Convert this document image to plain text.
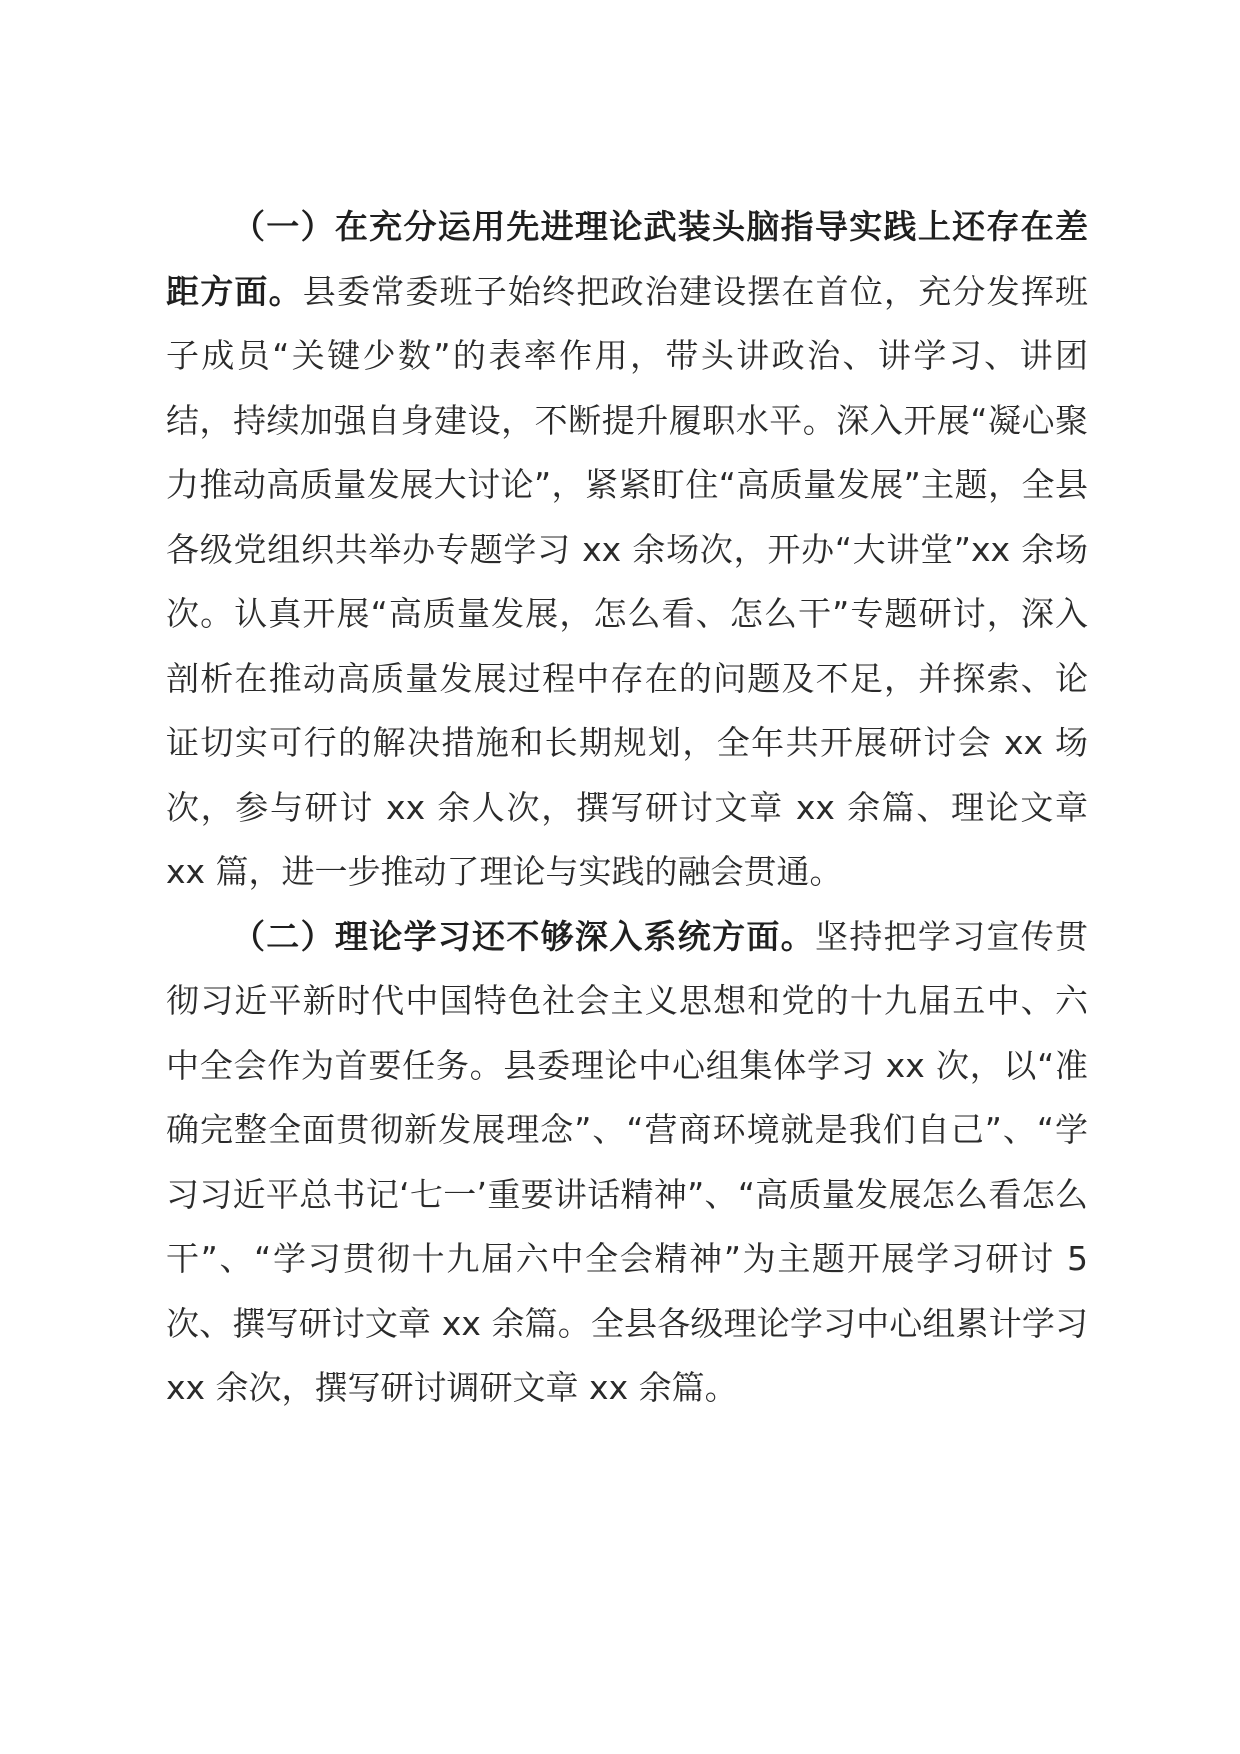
（一）在充分运用先进理论武装头脑指导实践上还存在差距方面。县委常委班子始终把政治建设摆在首位，充分发挥班子成员“关键少数”的表率作用，带头讲政治、讲学习、讲团结，持续加强自身建设，不断提升履职水平。深入开展“凝心聚力推动高质量发展大讨论”，紧紧盯住“高质量发展”主题，全县各级党组织共举办专题学习 xx 余场次，开办“大讲堂”xx 余场次。认真开展“高质量发展，怎么看、怎么干”专题研讨，深入剖析在推动高质量发展过程中存在的问题及不足，并探索、论证切实可行的解决措施和长期规划，全年共开展研讨会 xx 场次，参与研讨 xx 余人次，撰写研讨文章 xx 余篇、理论文章 xx 篇，进一步推动了理论与实践的融会贯通。

（二）理论学习还不够深入系统方面。坚持把学习宣传贯彻习近平新时代中国特色社会主义思想和党的十九届五中、六中全会作为首要任务。县委理论中心组集体学习 xx 次，以“准确完整全面贯彻新发展理念”、“营商环境就是我们自己”、“学习习近平总书记‘七一’重要讲话精神”、“高质量发展怎么看怎么干”、“学习贯彻十九届六中全会精神”为主题开展学习研讨 5 次、撰写研讨文章 xx 余篇。全县各级理论学习中心组累计学习 xx 余次，撰写研讨调研文章 xx 余篇。
